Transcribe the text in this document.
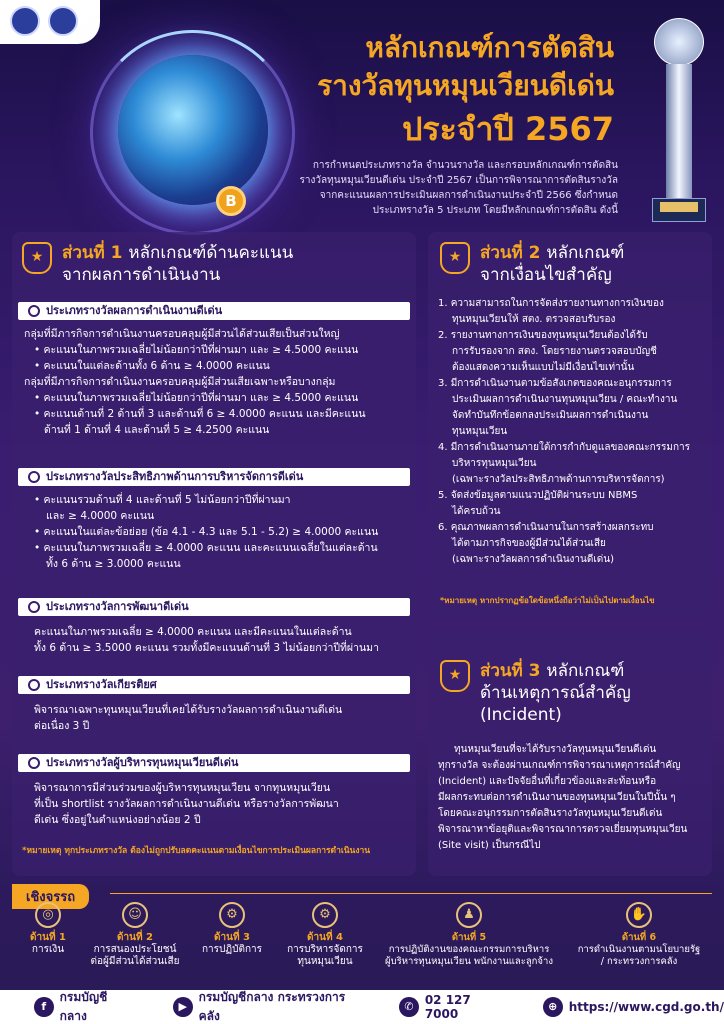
B
หลักเกณฑ์การตัดสิน
รางวัลทุนหมุนเวียนดีเด่น
ประจำปี 2567
การกำหนดประเภทรางวัล จำนวนรางวัล และกรอบหลักเกณฑ์การตัดสิน
รางวัลทุนหมุนเวียนดีเด่น ประจำปี 2567 เป็นการพิจารณาการตัดสินรางวัล
จากคะแนนผลการประเมินผลการดำเนินงานประจำปี 2566 ซึ่งกำหนด
ประเภทรางวัล 5 ประเภท โดยมีหลักเกณฑ์การตัดสิน ดังนี้
★	ส่วนที่ 1 หลักเกณฑ์ด้านคะแนน
จากผลการดำเนินงาน
ประเภทรางวัลผลการดำเนินงานดีเด่น
กลุ่มที่มีภารกิจการดำเนินงานครอบคลุมผู้มีส่วนได้ส่วนเสียเป็นส่วนใหญ่
• คะแนนในภาพรวมเฉลี่ยไม่น้อยกว่าปีที่ผ่านมา และ ≥ 4.5000 คะแนน
• คะแนนในแต่ละด้านทั้ง 6 ด้าน ≥ 4.0000 คะแนน
กลุ่มที่มีภารกิจการดำเนินงานครอบคลุมผู้มีส่วนเสียเฉพาะหรือบางกลุ่ม
• คะแนนในภาพรวมเฉลี่ยไม่น้อยกว่าปีที่ผ่านมา และ ≥ 4.5000 คะแนน
• คะแนนด้านที่ 2 ด้านที่ 3 และด้านที่ 6 ≥ 4.0000 คะแนน และมีคะแนน
ด้านที่ 1 ด้านที่ 4 และด้านที่ 5 ≥ 4.2500 คะแนน
ประเภทรางวัลประสิทธิภาพด้านการบริหารจัดการดีเด่น
• คะแนนรวมด้านที่ 4 และด้านที่ 5 ไม่น้อยกว่าปีที่ผ่านมา
และ ≥ 4.0000 คะแนน
• คะแนนในแต่ละข้อย่อย (ข้อ 4.1 - 4.3 และ 5.1 - 5.2) ≥ 4.0000 คะแนน
• คะแนนในภาพรวมเฉลี่ย ≥ 4.0000 คะแนน และคะแนนเฉลี่ยในแต่ละด้าน
ทั้ง 6 ด้าน ≥ 3.0000 คะแนน
ประเภทรางวัลการพัฒนาดีเด่น
คะแนนในภาพรวมเฉลี่ย ≥ 4.0000 คะแนน และมีคะแนนในแต่ละด้าน
ทั้ง 6 ด้าน ≥ 3.5000 คะแนน รวมทั้งมีคะแนนด้านที่ 3 ไม่น้อยกว่าปีที่ผ่านมา
ประเภทรางวัลเกียรติยศ
พิจารณาเฉพาะทุนหมุนเวียนที่เคยได้รับรางวัลผลการดำเนินงานดีเด่น
ต่อเนื่อง 3 ปี
ประเภทรางวัลผู้บริหารทุนหมุนเวียนดีเด่น
พิจารณาการมีส่วนร่วมของผู้บริหารทุนหมุนเวียน จากทุนหมุนเวียน
ที่เป็น shortlist รางวัลผลการดำเนินงานดีเด่น หรือรางวัลการพัฒนา
ดีเด่น ซึ่งอยู่ในตำแหน่งอย่างน้อย 2 ปี
*หมายเหตุ ทุกประเภทรางวัล ต้องไม่ถูกปรับลดคะแนนตามเงื่อนไขการประเมินผลการดำเนินงาน
★	ส่วนที่ 2 หลักเกณฑ์
จากเงื่อนไขสำคัญ
1. ความสามารถในการจัดส่งรายงานทางการเงินของ
ทุนหมุนเวียนให้ สตง. ตรวจสอบรับรอง
2. รายงานทางการเงินของทุนหมุนเวียนต้องได้รับ
การรับรองจาก สตง. โดยรายงานตรวจสอบบัญชี
ต้องแสดงความเห็นแบบไม่มีเงื่อนไขเท่านั้น
3. มีการดำเนินงานตามข้อสังเกตของคณะอนุกรรมการ
ประเมินผลการดำเนินงานทุนหมุนเวียน / คณะทำงาน
จัดทำบันทึกข้อตกลงประเมินผลการดำเนินงาน
ทุนหมุนเวียน
4. มีการดำเนินงานภายใต้การกำกับดูแลของคณะกรรมการ
บริหารทุนหมุนเวียน
(เฉพาะรางวัลประสิทธิภาพด้านการบริหารจัดการ)
5. จัดส่งข้อมูลตามแนวปฏิบัติผ่านระบบ NBMS
ได้ครบถ้วน
6. คุณภาพผลการดำเนินงานในการสร้างผลกระทบ
ได้ตามภารกิจของผู้มีส่วนได้ส่วนเสีย
(เฉพาะรางวัลผลการดำเนินงานดีเด่น)
*หมายเหตุ หากปรากฏข้อใดข้อหนึ่งถือว่าไม่เป็นไปตามเงื่อนไข
★	ส่วนที่ 3 หลักเกณฑ์
ด้านเหตุการณ์สำคัญ
(Incident)
ทุนหมุนเวียนที่จะได้รับรางวัลทุนหมุนเวียนดีเด่น
ทุกรางวัล จะต้องผ่านเกณฑ์การพิจารณาเหตุการณ์สำคัญ
(Incident) และปัจจัยอื่นที่เกี่ยวข้องและสะท้อนหรือ
มีผลกระทบต่อการดำเนินงานของทุนหมุนเวียนในปีนั้น ๆ
โดยคณะอนุกรรมการตัดสินรางวัลทุนหมุนเวียนดีเด่น
พิจารณาหาข้อยุติและพิจารณาการตรวจเยี่ยมทุนหมุนเวียน
(Site visit) เป็นกรณีไป
เชิงจรรถ
◎
ด้านที่ 1
การเงิน
☺
ด้านที่ 2
การสนองประโยชน์
ต่อผู้มีส่วนได้ส่วนเสีย
⚙
ด้านที่ 3
การปฏิบัติการ
⚙
ด้านที่ 4
การบริหารจัดการ
ทุนหมุนเวียน
♟
ด้านที่ 5
การปฏิบัติงานของคณะกรรมการบริหาร
ผู้บริหารทุนหมุนเวียน พนักงานและลูกจ้าง
✋
ด้านที่ 6
การดำเนินงานตามนโยบายรัฐ
/ กระทรวงการคลัง
f
กรมบัญชีกลาง
▶
กรมบัญชีกลาง กระทรวงการคลัง
✆ 02 127 7000
⊕ https://www.cgd.go.th/
